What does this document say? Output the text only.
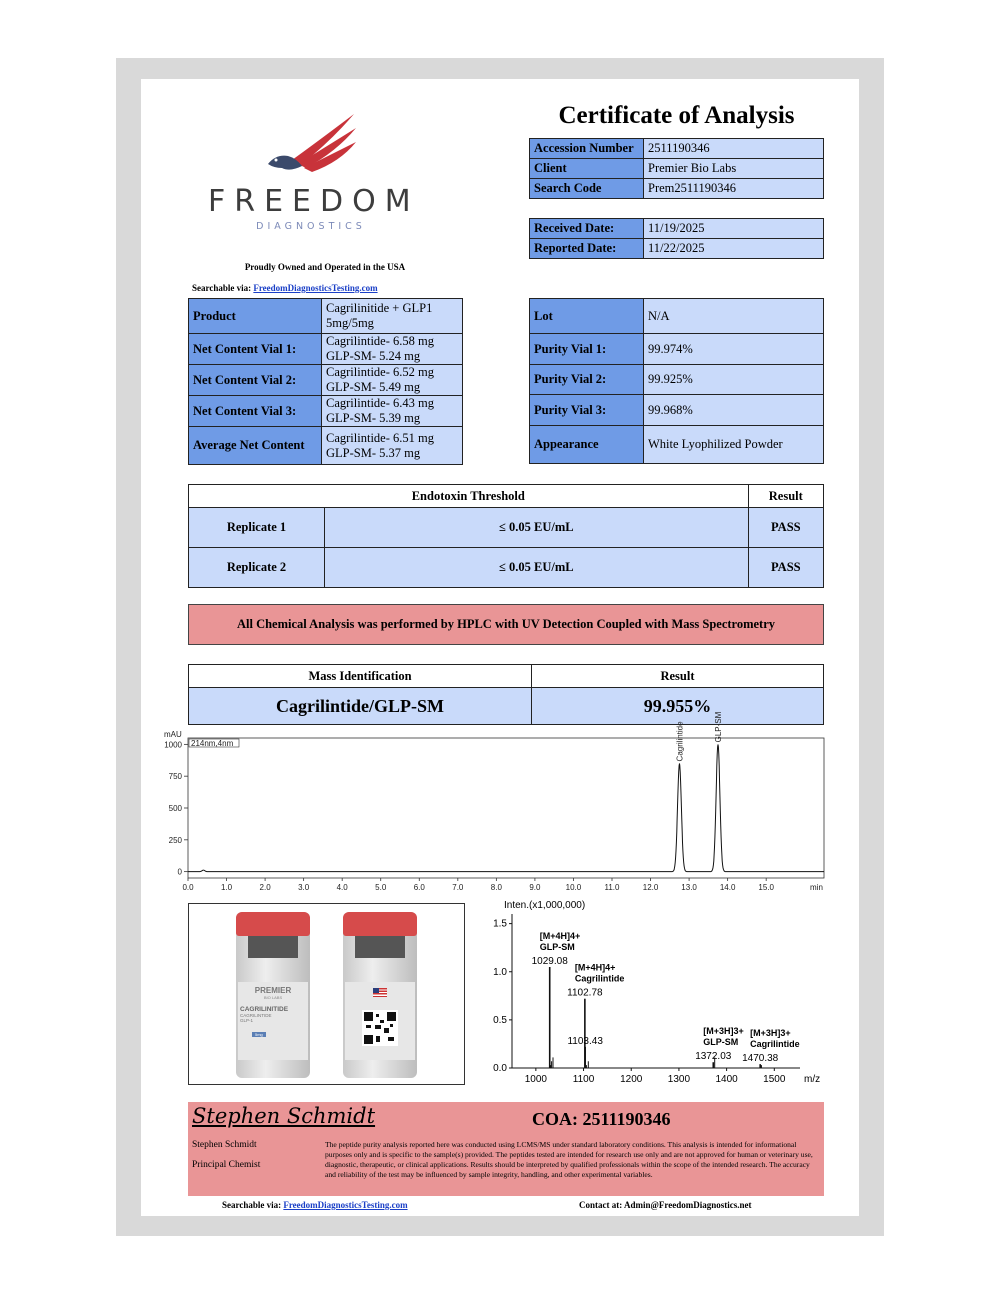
FREEDOM
DIAGNOSTICS
Proudly Owned and Operated in the USA
Searchable via: FreedomDiagnosticsTesting.com
Certificate of Analysis
Accession Number	2511190346
Client	Premier Bio Labs
Search Code	Prem2511190346
Received Date:	11/19/2025
Reported Date:	11/22/2025
Product	Cagrilinitide + GLP1
5mg/5mg

Net Content Vial 1:	Cagrilintide- 6.58 mg
GLP-SM- 5.24 mg

Net Content Vial 2:	Cagrilintide- 6.52 mg
GLP-SM- 5.49 mg

Net Content Vial 3:	Cagrilintide- 6.43 mg
GLP-SM- 5.39 mg

Average Net Content	Cagrilintide- 6.51 mg
GLP-SM- 5.37 mg
Lot	N/A
Purity Vial 1:	99.974%
Purity Vial 2:	99.925%
Purity Vial 3:	99.968%
Appearance	White Lyophilized Powder
Endotoxin Threshold		Result
Replicate 1	≤ 0.05 EU/mL	PASS
Replicate 2	≤ 0.05 EU/mL	PASS
All Chemical Analysis was performed by HPLC with UV Detection Coupled with Mass Spectrometry
Mass Identification	Result
Cagrilintide/GLP-SM	99.955%
mAU
min
214nm,4nm
0
250
500
750
1000
0.0	1.0	2.0	3.0	4.0	5.0	6.0	7.0	8.0	9.0	10.0	11.0	12.0	13.0	14.0	15.0
Cagrilintide	GLP-SM
PREMIER
BIO LABS
CAGRILINITIDE
CAGRILINTIDE
GLP-1
5mg
Inten.(x1,000,000)
m/z
0.0
0.5
1.0
1.5
1000	1100	1200	1300	1400	1500
1029.08
[M+4H]4+
GLP-SM
1102.78
[M+4H]4+
Cagrilintide
1103.43
1372.03
[M+3H]3+
GLP-SM
1470.38
[M+3H]3+
Cagrilintide
Stephen Schmidt	COA: 2511190346
Stephen Schmidt
Principal Chemist
The peptide purity analysis reported here was conducted using LCMS/MS under standard laboratory conditions. This analysis is intended for informational purposes only and is specific to the sample(s) provided. The peptides tested are intended for research use only and are not approved for human or veterinary use, diagnostic, therapeutic, or clinical applications. Results should be interpreted by qualified professionals within the scope of the intended research. The accuracy and reliability of the test may be influenced by sample integrity, handling, and other experimental variables.
Searchable via: FreedomDiagnosticsTesting.com	Contact at: Admin@FreedomDiagnostics.net
